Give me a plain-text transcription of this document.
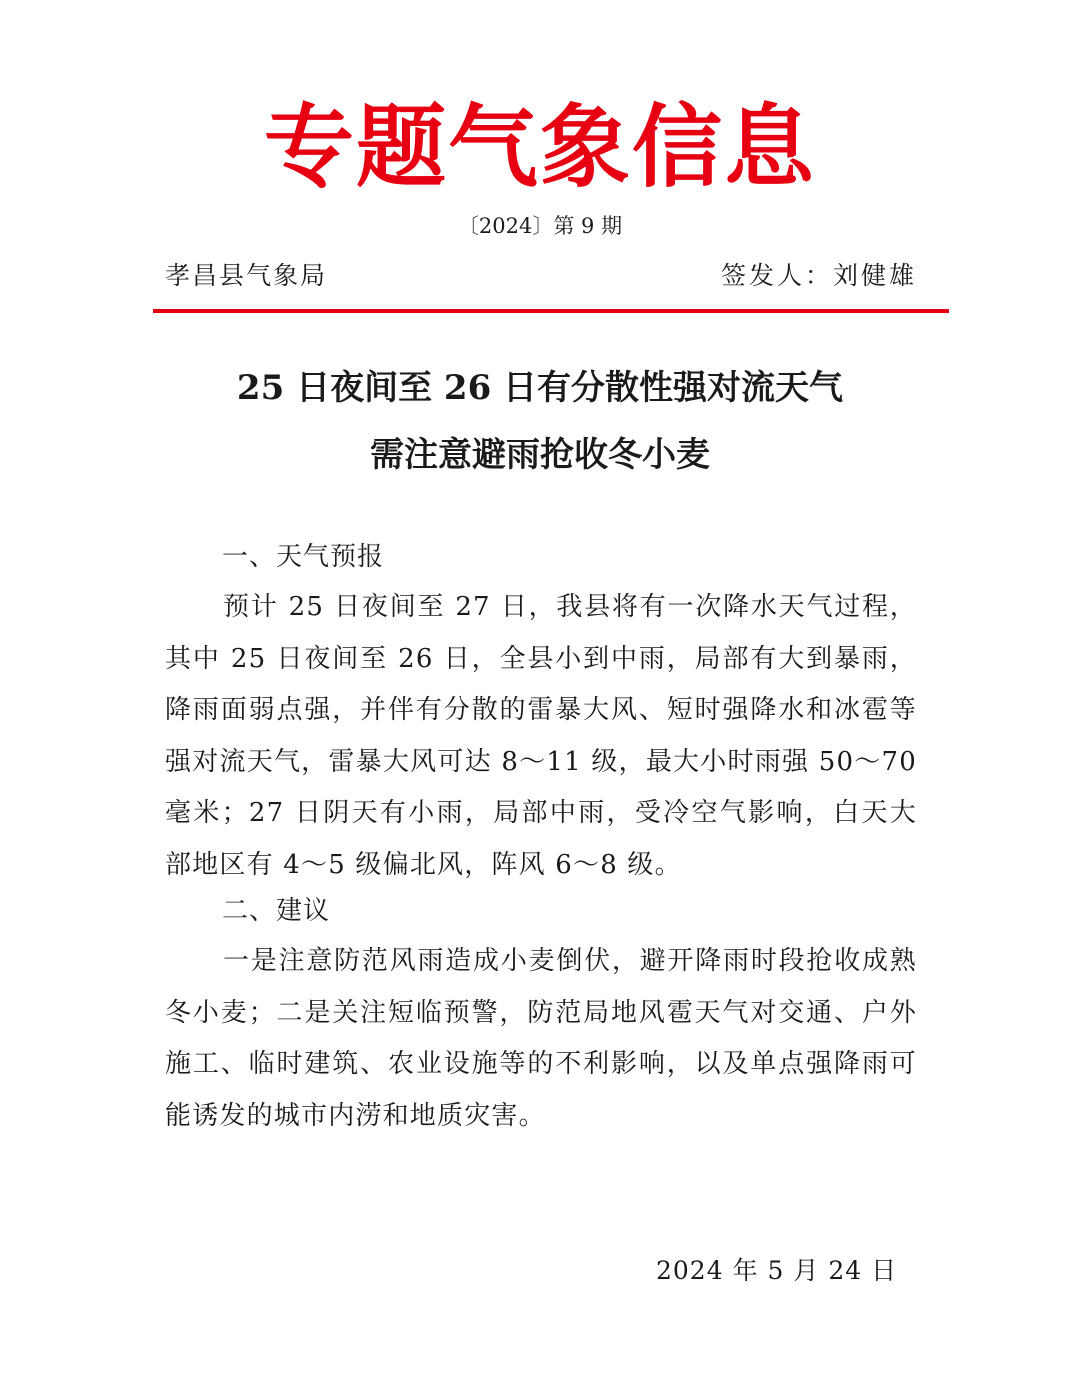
专题气象信息
〔2024〕第 9 期
孝昌县气象局	签发人：刘健雄
25 日夜间至 26 日有分散性强对流天气
需注意避雨抢收冬小麦
一、天气预报

预计 25 日夜间至 27 日，我县将有一次降水天气过程，其中 25 日夜间至 26 日，全县小到中雨，局部有大到暴雨，降雨面弱点强，并伴有分散的雷暴大风、短时强降水和冰雹等强对流天气，雷暴大风可达 8～11 级，最大小时雨强 50～70 毫米；27 日阴天有小雨，局部中雨，受冷空气影响，白天大部地区有 4～5 级偏北风，阵风 6～8 级。

二、建议

一是注意防范风雨造成小麦倒伏，避开降雨时段抢收成熟冬小麦；二是关注短临预警，防范局地风雹天气对交通、户外施工、临时建筑、农业设施等的不利影响，以及单点强降雨可能诱发的城市内涝和地质灾害。

2024 年 5 月 24 日
